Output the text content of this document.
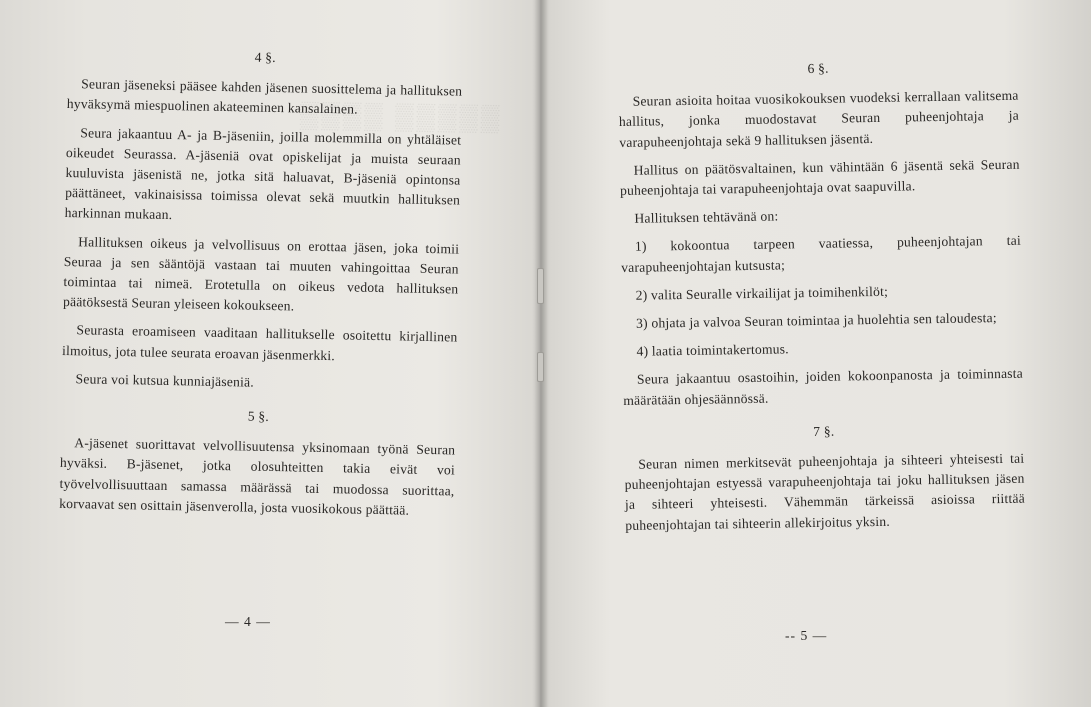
▒▒▒▒ ▒▒▒▒▒

4 §.

Seuran jäseneksi pääsee kahden jäsenen suosittelema ja hallituksen hyväksymä miespuolinen akateeminen kansalainen.

Seura jakaantuu A- ja B-jäseniin, joilla molemmilla on yhtäläiset oikeudet Seurassa. A-jäseniä ovat opiskelijat ja muista seuraan kuuluvista jäsenistä ne, jotka sitä haluavat, B-jäseniä opintonsa päättäneet, vakinaisissa toimissa olevat sekä muutkin hallituksen harkinnan mukaan.

Hallituksen oikeus ja velvollisuus on erottaa jäsen, joka toimii Seuraa ja sen sääntöjä vastaan tai muuten vahingoittaa Seuran toimintaa tai nimeä. Erotetulla on oikeus vedota hallituksen päätöksestä Seuran yleiseen kokoukseen.

Seurasta eroamiseen vaaditaan hallitukselle osoitettu kirjallinen ilmoitus, jota tulee seurata eroavan jäsenmerkki.

Seura voi kutsua kunniajäseniä.

5 §.

A-jäsenet suorittavat velvollisuutensa yksinomaan työnä Seuran hyväksi. B-jäsenet, jotka olosuhteitten takia eivät voi työvelvollisuuttaan samassa määrässä tai muodossa suorittaa, korvaavat sen osittain jäsenverolla, josta vuosikokous päättää.

— 4 —

6 §.

Seuran asioita hoitaa vuosikokouksen vuodeksi kerrallaan valitsema hallitus, jonka muodostavat Seuran puheenjohtaja ja varapuheenjohtaja sekä 9 hallituksen jäsentä.

Hallitus on päätösvaltainen, kun vähintään 6 jäsentä sekä Seuran puheenjohtaja tai varapuheenjohtaja ovat saapuvilla.

Hallituksen tehtävänä on:

1) kokoontua tarpeen vaatiessa, puheenjohtajan tai varapuheenjohtajan kutsusta;

2) valita Seuralle virkailijat ja toimihenkilöt;

3) ohjata ja valvoa Seuran toimintaa ja huolehtia sen taloudesta;

4) laatia toimintakertomus.

Seura jakaantuu osastoihin, joiden kokoonpanosta ja toiminnasta määrätään ohjesäännössä.

7 §.

Seuran nimen merkitsevät puheenjohtaja ja sihteeri yhteisesti tai puheenjohtajan estyessä varapuheenjohtaja tai joku hallituksen jäsen ja sihteeri yhteisesti. Vähemmän tärkeissä asioissa riittää puheenjohtajan tai sihteerin allekirjoitus yksin.

-- 5 —
